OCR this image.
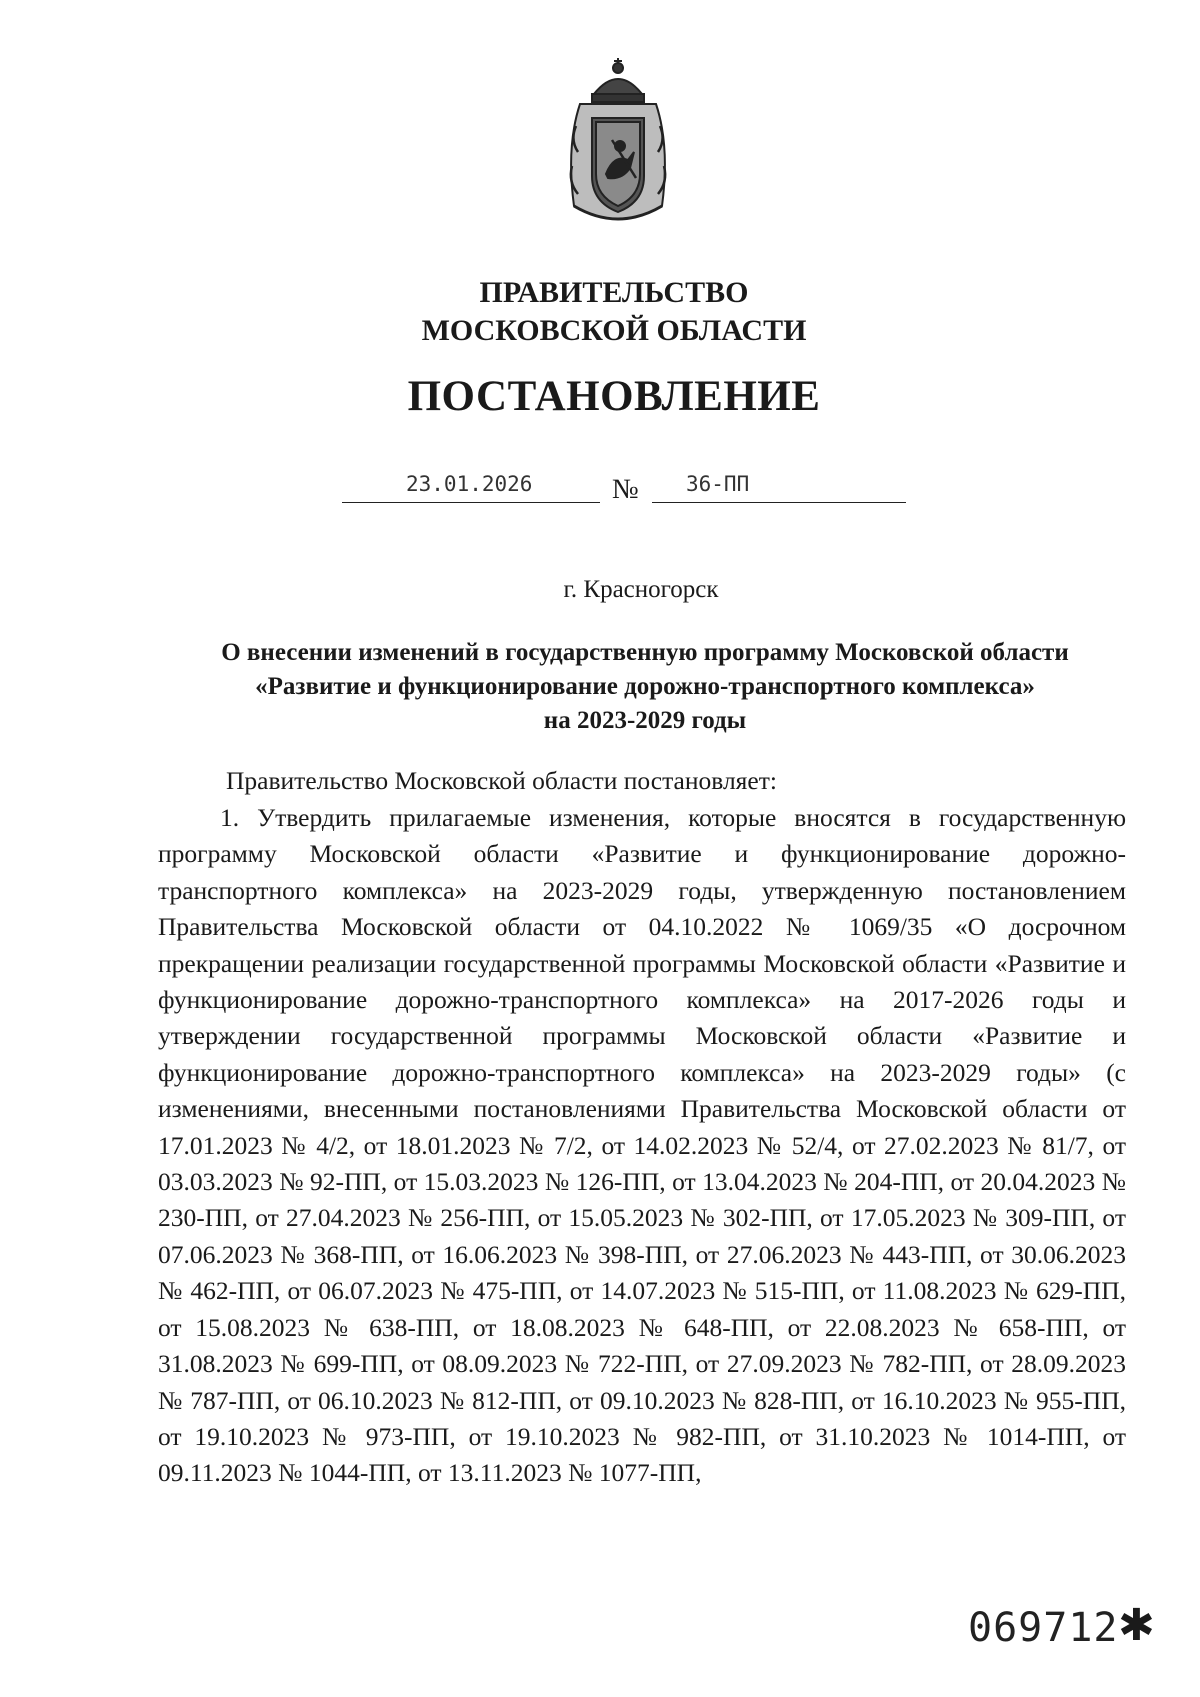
ПРАВИТЕЛЬСТВО
МОСКОВСКОЙ ОБЛАСТИ
ПОСТАНОВЛЕНИЕ
23.01.2026	№ 36-ПП
г. Красногорск
О внесении изменений в государственную программу Московской области
«Развитие и функционирование дорожно-транспортного комплекса»
на 2023-2029 годы
Правительство Московской области постановляет:
1. Утвердить прилагаемые изменения, которые вносятся в государственную программу Московской области «Развитие и функционирование дорожно-транспортного комплекса» на 2023-2029 годы, утвержденную постановлением Правительства Московской области от 04.10.2022 № 1069/35 «О досрочном прекращении реализации государственной программы Московской области «Развитие и функционирование дорожно-транспортного комплекса» на 2017-2026 годы и утверждении государственной программы Московской области «Развитие и функционирование дорожно-транспортного комплекса» на 2023-2029 годы» (с изменениями, внесенными постановлениями Правительства Московской области от 17.01.2023 № 4/2, от 18.01.2023 № 7/2, от 14.02.2023 № 52/4, от 27.02.2023 № 81/7, от 03.03.2023 № 92-ПП, от 15.03.2023 № 126-ПП, от 13.04.2023 № 204-ПП, от 20.04.2023 № 230-ПП, от 27.04.2023 № 256-ПП, от 15.05.2023 № 302-ПП, от 17.05.2023 № 309-ПП, от 07.06.2023 № 368-ПП, от 16.06.2023 № 398-ПП, от 27.06.2023 № 443-ПП, от 30.06.2023 № 462-ПП, от 06.07.2023 № 475-ПП, от 14.07.2023 № 515-ПП, от 11.08.2023 № 629-ПП, от 15.08.2023 № 638-ПП, от 18.08.2023 № 648-ПП, от 22.08.2023 № 658-ПП, от 31.08.2023 № 699-ПП, от 08.09.2023 № 722-ПП, от 27.09.2023 № 782-ПП, от 28.09.2023 № 787-ПП, от 06.10.2023 № 812-ПП, от 09.10.2023 № 828-ПП, от 16.10.2023 № 955-ПП, от 19.10.2023 № 973-ПП, от 19.10.2023 № 982-ПП, от 31.10.2023 № 1014-ПП, от 09.11.2023 № 1044-ПП, от 13.11.2023 № 1077-ПП,
069712 ✱
